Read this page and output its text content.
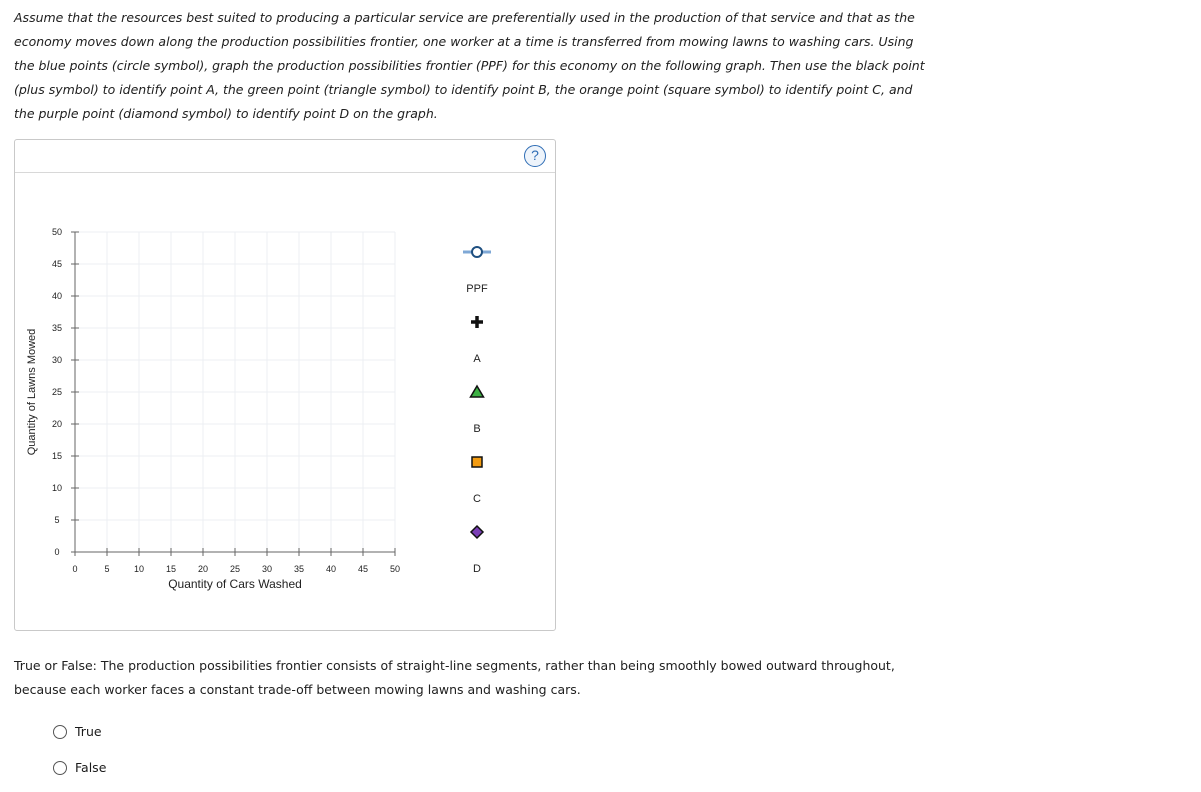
Assume that the resources best suited to producing a particular service are preferentially used in the production of that service and that as the economy moves down along the production possibilities frontier, one worker at a time is transferred from mowing lawns to washing cars. Using the blue points (circle symbol), graph the production possibilities frontier (PPF) for this economy on the following graph. Then use the black point (plus symbol) to identify point A, the green point (triangle symbol) to identify point B, the orange point (square symbol) to identify point C, and the purple point (diamond symbol) to identify point D on the graph.
?
0	5	10 15 20 25 30 35 40 45 50
0
5
10
15
20
25
30
35
40
45
50
Quantity of Cars Washed
Quantity of Lawns Mowed
PPF
A
B
C
D
True or False: The production possibilities frontier consists of straight-line segments, rather than being smoothly bowed outward throughout, because each worker faces a constant trade-off between mowing lawns and washing cars.
True
False
